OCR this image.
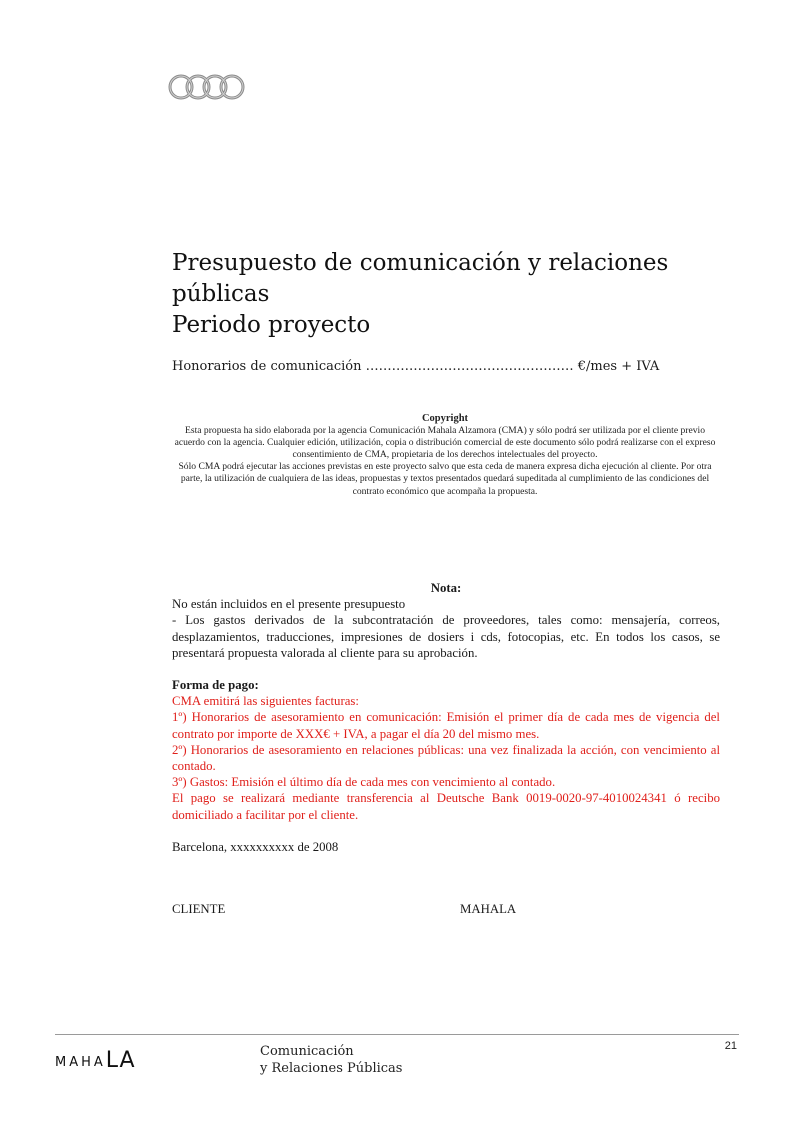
Presupuesto de comunicación y relaciones
públicas
Periodo proyecto
Honorarios de comunicación ………………………………………… €/mes + IVA
Copyright
Esta propuesta ha sido elaborada por la agencia Comunicación Mahala Alzamora (CMA) y sólo podrá ser utilizada por el cliente previo acuerdo con la agencia. Cualquier edición, utilización, copia o distribución comercial de este documento sólo podrá realizarse con el expreso consentimiento de CMA, propietaria de los derechos intelectuales del proyecto.
Sólo CMA podrá ejecutar las acciones previstas en este proyecto salvo que esta ceda de manera expresa dicha ejecución al cliente. Por otra parte, la utilización de cualquiera de las ideas, propuestas y textos presentados quedará supeditada al cumplimiento de las condiciones del contrato económico que acompaña la propuesta.
Nota:
No están incluidos en el presente presupuesto
- Los gastos derivados de la subcontratación de proveedores, tales como: mensajería, correos, desplazamientos, traducciones, impresiones de dosiers i cds, fotocopias, etc. En todos los casos, se presentará propuesta valorada al cliente para su aprobación.
Forma de pago:
CMA emitirá las siguientes facturas:
1º) Honorarios de asesoramiento en comunicación: Emisión el primer día de cada mes de vigencia del contrato por importe de XXX€ + IVA, a pagar el día 20 del mismo mes.
2º) Honorarios de asesoramiento en relaciones públicas: una vez finalizada la acción, con vencimiento al contado.
3º) Gastos: Emisión el último día de cada mes con vencimiento al contado.
El pago se realizará mediante transferencia al Deutsche Bank 0019-0020-97-4010024341 ó recibo domiciliado a facilitar por el cliente.
Barcelona, xxxxxxxxxx de 2008
CLIENTE	MAHALA
MAHALA	Comunicación
y Relaciones Públicas
21
